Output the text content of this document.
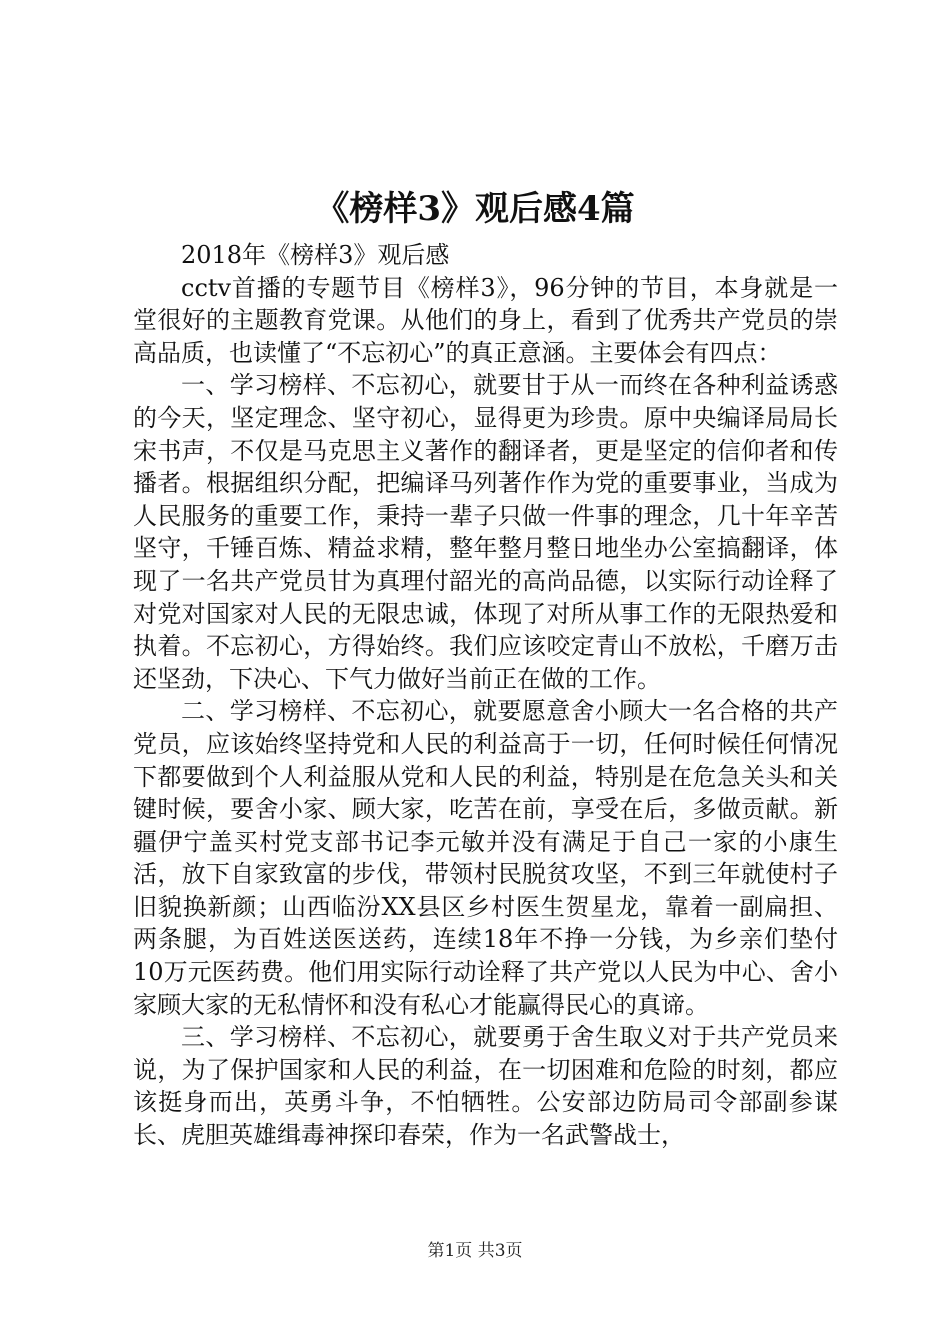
《榜样3》观后感4篇

2018年《榜样3》观后感

cctv首播的专题节目《榜样3》，96分钟的节目，本身就是一堂很好的主题教育党课。从他们的身上，看到了优秀共产党员的崇高品质，也读懂了“不忘初心”的真正意涵。主要体会有四点：

一、学习榜样、不忘初心，就要甘于从一而终在各种利益诱惑的今天，坚定理念、坚守初心，显得更为珍贵。原中央编译局局长宋书声，不仅是马克思主义著作的翻译者，更是坚定的信仰者和传播者。根据组织分配，把编译马列著作作为党的重要事业，当成为人民服务的重要工作，秉持一辈子只做一件事的理念，几十年辛苦坚守，千锤百炼、精益求精，整年整月整日地坐办公室搞翻译，体现了一名共产党员甘为真理付韶光的高尚品德，以实际行动诠释了对党对国家对人民的无限忠诚，体现了对所从事工作的无限热爱和执着。不忘初心，方得始终。我们应该咬定青山不放松，千磨万击还坚劲，下决心、下气力做好当前正在做的工作。

二、学习榜样、不忘初心，就要愿意舍小顾大一名合格的共产党员，应该始终坚持党和人民的利益高于一切，任何时候任何情况下都要做到个人利益服从党和人民的利益，特别是在危急关头和关键时候，要舍小家、顾大家，吃苦在前，享受在后，多做贡献。新疆伊宁盖买村党支部书记李元敏并没有满足于自己一家的小康生活，放下自家致富的步伐，带领村民脱贫攻坚，不到三年就使村子旧貌换新颜；山西临汾XX县区乡村医生贺星龙，靠着一副扁担、两条腿，为百姓送医送药，连续18年不挣一分钱，为乡亲们垫付10万元医药费。他们用实际行动诠释了共产党以人民为中心、舍小家顾大家的无私情怀和没有私心才能赢得民心的真谛。

三、学习榜样、不忘初心，就要勇于舍生取义对于共产党员来说，为了保护国家和人民的利益，在一切困难和危险的时刻，都应该挺身而出，英勇斗争，不怕牺牲。公安部边防局司令部副参谋长、虎胆英雄缉毒神探印春荣，作为一名武警战士，

第1页 共3页
